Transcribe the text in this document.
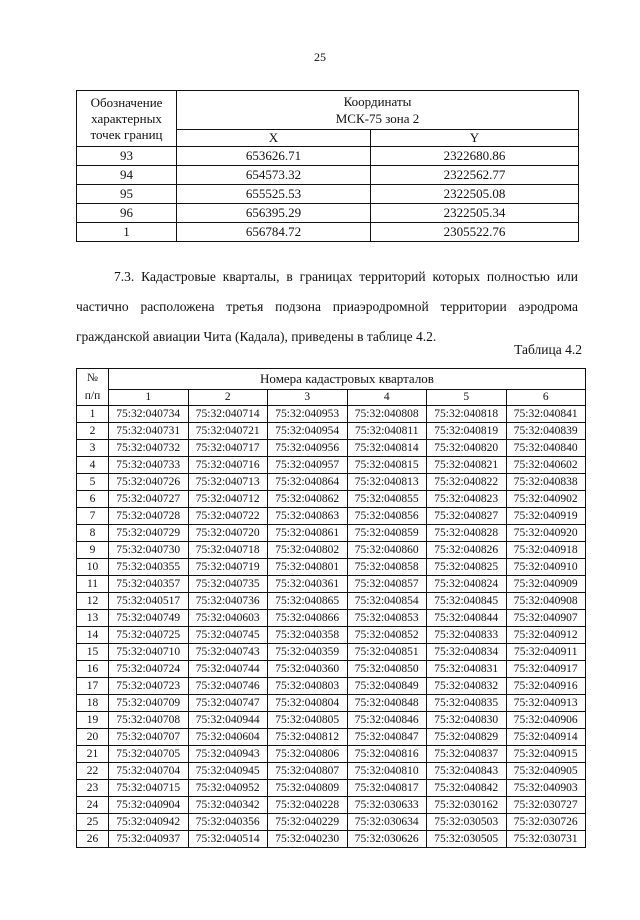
25
Обозначение характерных точек границ	Координаты
МСК-75 зона 2	

	X	Y
93	653626.71	2322680.86
94	654573.32	2322562.77
95	655525.53	2322505.08
96	656395.29	2322505.34
1	656784.72	2305522.76
7.3. Кадастровые кварталы, в границах территорий которых полностью или частично расположена третья подзона приаэродромной территории аэродрома гражданской авиации Чита (Кадала), приведены в таблице 4.2.
Таблица 4.2
№
п/п	Номера кадастровых кварталов					
	1	2	3	4	5	6
1	75:32:040734	75:32:040714	75:32:040953	75:32:040808	75:32:040818	75:32:040841
2	75:32:040731	75:32:040721	75:32:040954	75:32:040811	75:32:040819	75:32:040839
3	75:32:040732	75:32:040717	75:32:040956	75:32:040814	75:32:040820	75:32:040840
4	75:32:040733	75:32:040716	75:32:040957	75:32:040815	75:32:040821	75:32:040602
5	75:32:040726	75:32:040713	75:32:040864	75:32:040813	75:32:040822	75:32:040838
6	75:32:040727	75:32:040712	75:32:040862	75:32:040855	75:32:040823	75:32:040902
7	75:32:040728	75:32:040722	75:32:040863	75:32:040856	75:32:040827	75:32:040919
8	75:32:040729	75:32:040720	75:32:040861	75:32:040859	75:32:040828	75:32:040920
9	75:32:040730	75:32:040718	75:32:040802	75:32:040860	75:32:040826	75:32:040918
10	75:32:040355	75:32:040719	75:32:040801	75:32:040858	75:32:040825	75:32:040910
11	75:32:040357	75:32:040735	75:32:040361	75:32:040857	75:32:040824	75:32:040909
12	75:32:040517	75:32:040736	75:32:040865	75:32:040854	75:32:040845	75:32:040908
13	75:32:040749	75:32:040603	75:32:040866	75:32:040853	75:32:040844	75:32:040907
14	75:32:040725	75:32:040745	75:32:040358	75:32:040852	75:32:040833	75:32:040912
15	75:32:040710	75:32:040743	75:32:040359	75:32:040851	75:32:040834	75:32:040911
16	75:32:040724	75:32:040744	75:32:040360	75:32:040850	75:32:040831	75:32:040917
17	75:32:040723	75:32:040746	75:32:040803	75:32:040849	75:32:040832	75:32:040916
18	75:32:040709	75:32:040747	75:32:040804	75:32:040848	75:32:040835	75:32:040913
19	75:32:040708	75:32:040944	75:32:040805	75:32:040846	75:32:040830	75:32:040906
20	75:32:040707	75:32:040604	75:32:040812	75:32:040847	75:32:040829	75:32:040914
21	75:32:040705	75:32:040943	75:32:040806	75:32:040816	75:32:040837	75:32:040915
22	75:32:040704	75:32:040945	75:32:040807	75:32:040810	75:32:040843	75:32:040905
23	75:32:040715	75:32:040952	75:32:040809	75:32:040817	75:32:040842	75:32:040903
24	75:32:040904	75:32:040342	75:32:040228	75:32:030633	75:32:030162	75:32:030727
25	75:32:040942	75:32:040356	75:32:040229	75:32:030634	75:32:030503	75:32:030726
26	75:32:040937	75:32:040514	75:32:040230	75:32:030626	75:32:030505	75:32:030731
